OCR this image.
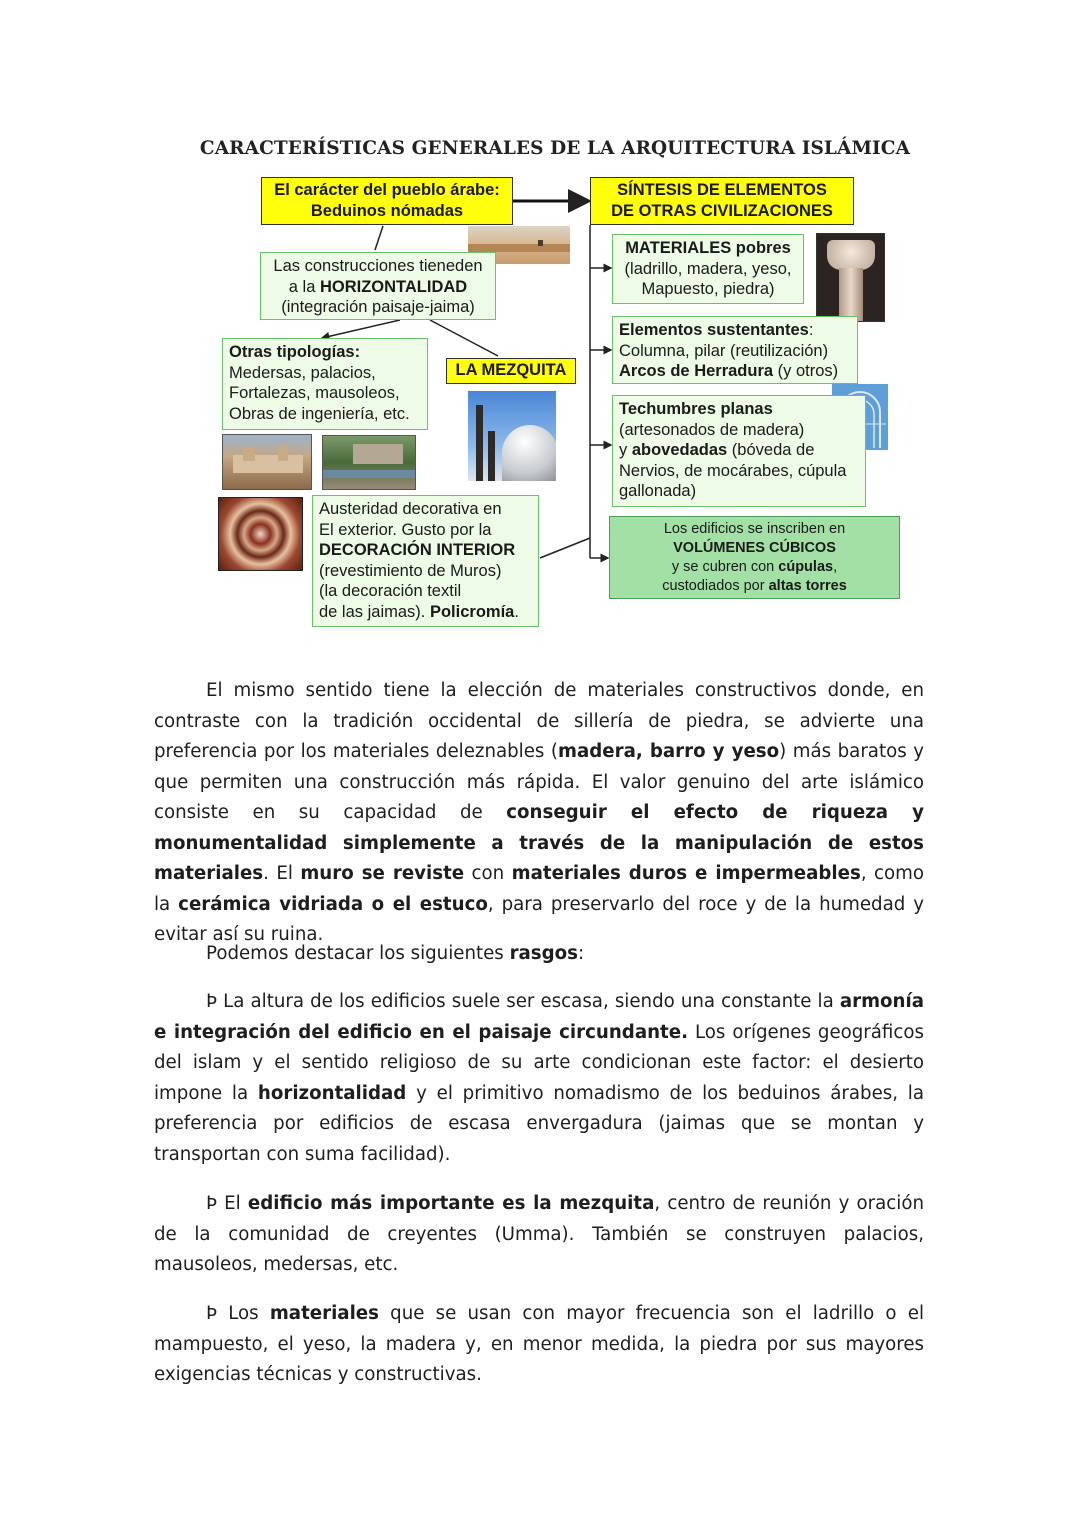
CARACTERÍSTICAS GENERALES DE LA ARQUITECTURA ISLÁMICA
El carácter del pueblo árabe:
Beduinos nómadas
SÍNTESIS DE ELEMENTOS
DE OTRAS CIVILIZACIONES
Las construcciones tieneden
a la HORIZONTALIDAD
(integración paisaje-jaima)
MATERIALES pobres
(ladrillo, madera, yeso,
Mapuesto, piedra)
Elementos sustentantes:
Columna, pilar (reutilización)
Arcos de Herradura (y otros)
Otras tipologías:
Medersas, palacios,
Fortalezas, mausoleos,
Obras de ingeniería, etc.
LA MEZQUITA
Techumbres planas
(artesonados de madera)
y abovedadas (bóveda de
Nervios, de mocárabes, cúpula
gallonada)
Austeridad decorativa en
El exterior. Gusto por la
DECORACIÓN INTERIOR
(revestimiento de Muros)
(la decoración textil
de las jaimas). Policromía.
Los edificios se inscriben en
VOLÚMENES CÚBICOS
y se cubren con cúpulas,
custodiados por altas torres

El mismo sentido tiene la elección de materiales constructivos donde, en contraste con la tradición occidental de sillería de piedra, se advierte una preferencia por los materiales deleznables (madera, barro y yeso) más baratos y que permiten una construcción más rápida. El valor genuino del arte islámico consiste en su capacidad de conseguir el efecto de riqueza y monumentalidad simplemente a través de la manipulación de estos materiales. El muro se reviste con materiales duros e impermeables, como la cerámica vidriada o el estuco, para preservarlo del roce y de la humedad y evitar así su ruina.

Podemos destacar los siguientes rasgos:

Þ La altura de los edificios suele ser escasa, siendo una constante la armonía e integración del edificio en el paisaje circundante. Los orígenes geográficos del islam y el sentido religioso de su arte condicionan este factor: el desierto impone la horizontalidad y el primitivo nomadismo de los beduinos árabes, la preferencia por edificios de escasa envergadura (jaimas que se montan y transportan con suma facilidad).

Þ El edificio más importante es la mezquita, centro de reunión y oración de la comunidad de creyentes (Umma). También se construyen palacios, mausoleos, medersas, etc.

Þ Los materiales que se usan con mayor frecuencia son el ladrillo o el mampuesto, el yeso, la madera y, en menor medida, la piedra por sus mayores exigencias técnicas y constructivas.
